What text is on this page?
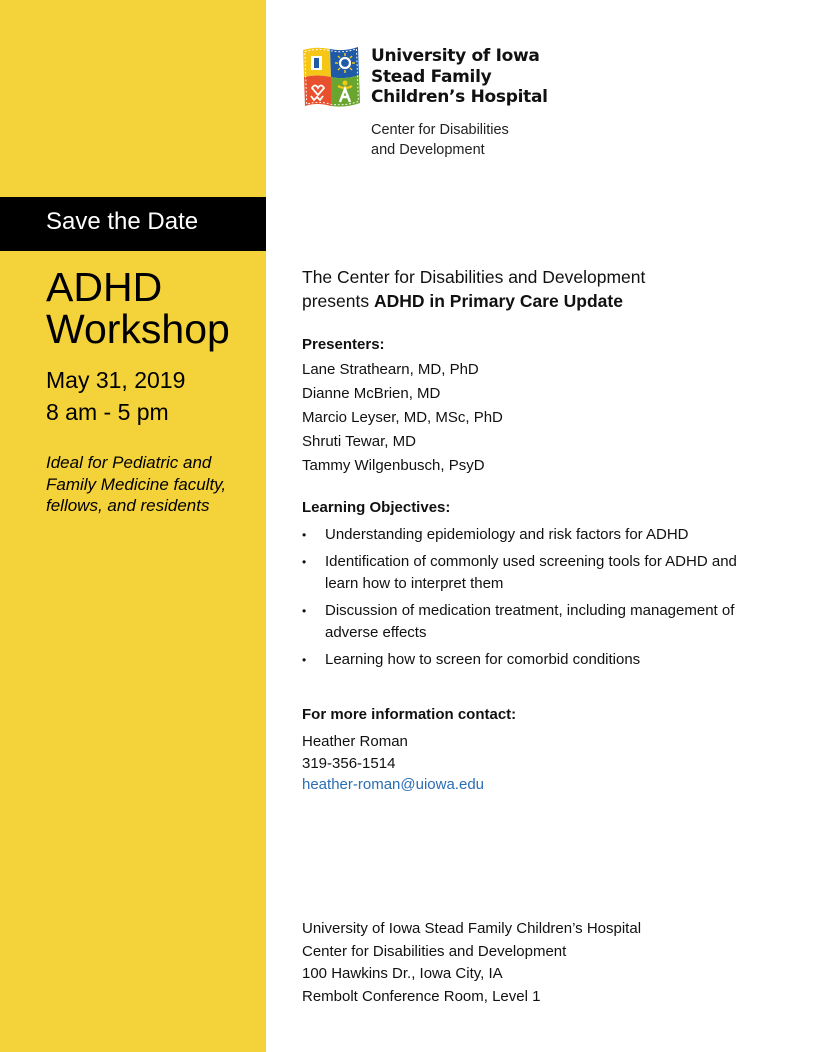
Save the Date
ADHD
Workshop
May 31, 2019
8 am - 5 pm
Ideal for Pediatric and
Family Medicine faculty,
fellows, and residents
University of Iowa
Stead Family
Children’s Hospital
Center for Disabilities
and Development
The Center for Disabilities and Development
presents ADHD in Primary Care Update
Presenters:
Lane Strathearn, MD, PhD
Dianne McBrien, MD
Marcio Leyser, MD, MSc, PhD
Shruti Tewar, MD
Tammy Wilgenbusch, PsyD
Learning Objectives:
• Understanding epidemiology and risk factors for ADHD
• Identification of commonly used screening tools for ADHD and learn how to interpret them
• Discussion of medication treatment, including management of adverse effects
• Learning how to screen for comorbid conditions
For more information contact:
Heather Roman
319-356-1514
heather-roman@uiowa.edu
University of Iowa Stead Family Children’s Hospital
Center for Disabilities and Development
100 Hawkins Dr., Iowa City, IA
Rembolt Conference Room, Level 1
